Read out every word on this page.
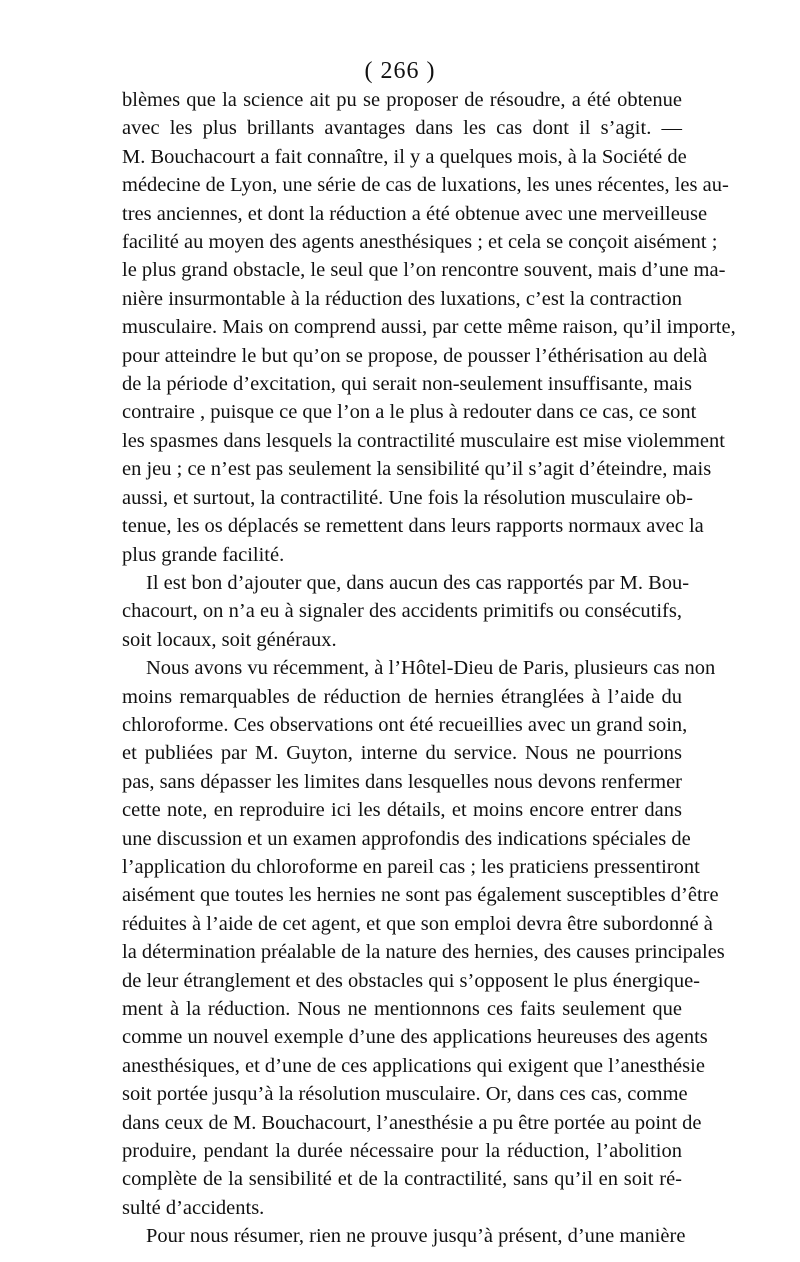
( 266 )
blèmes que la science ait pu se proposer de résoudre, a été obtenue
avec les plus brillants avantages dans les cas dont il s’agit. —
M. Bouchacourt a fait connaître, il y a quelques mois, à la Société de
médecine de Lyon, une série de cas de luxations, les unes récentes, les au-
tres anciennes, et dont la réduction a été obtenue avec une merveilleuse
facilité au moyen des agents anesthésiques ; et cela se conçoit aisément ;
le plus grand obstacle, le seul que l’on rencontre souvent, mais d’une ma-
nière insurmontable à la réduction des luxations, c’est la contraction
musculaire. Mais on comprend aussi, par cette même raison, qu’il importe,
pour atteindre le but qu’on se propose, de pousser l’éthérisation au delà
de la période d’excitation, qui serait non-seulement insuffisante, mais
contraire , puisque ce que l’on a le plus à redouter dans ce cas, ce sont
les spasmes dans lesquels la contractilité musculaire est mise violemment
en jeu ; ce n’est pas seulement la sensibilité qu’il s’agit d’éteindre, mais
aussi, et surtout, la contractilité. Une fois la résolution musculaire ob-
tenue, les os déplacés se remettent dans leurs rapports normaux avec la
plus grande facilité.
Il est bon d’ajouter que, dans aucun des cas rapportés par M. Bou-
chacourt, on n’a eu à signaler des accidents primitifs ou consécutifs,
soit locaux, soit généraux.
Nous avons vu récemment, à l’Hôtel-Dieu de Paris, plusieurs cas non
moins remarquables de réduction de hernies étranglées à l’aide du
chloroforme. Ces observations ont été recueillies avec un grand soin,
et publiées par M. Guyton, interne du service. Nous ne pourrions
pas, sans dépasser les limites dans lesquelles nous devons renfermer
cette note, en reproduire ici les détails, et moins encore entrer dans
une discussion et un examen approfondis des indications spéciales de
l’application du chloroforme en pareil cas ; les praticiens pressentiront
aisément que toutes les hernies ne sont pas également susceptibles d’être
réduites à l’aide de cet agent, et que son emploi devra être subordonné à
la détermination préalable de la nature des hernies, des causes principales
de leur étranglement et des obstacles qui s’opposent le plus énergique-
ment à la réduction. Nous ne mentionnons ces faits seulement que
comme un nouvel exemple d’une des applications heureuses des agents
anesthésiques, et d’une de ces applications qui exigent que l’anesthésie
soit portée jusqu’à la résolution musculaire. Or, dans ces cas, comme
dans ceux de M. Bouchacourt, l’anesthésie a pu être portée au point de
produire, pendant la durée nécessaire pour la réduction, l’abolition
complète de la sensibilité et de la contractilité, sans qu’il en soit ré-
sulté d’accidents.
Pour nous résumer, rien ne prouve jusqu’à présent, d’une manière
